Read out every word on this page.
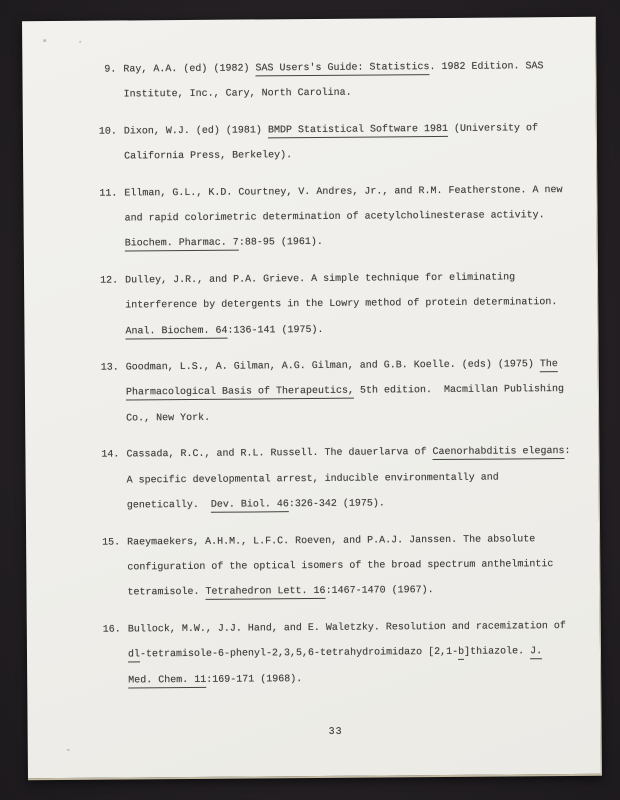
9. Ray, A.A. (ed) (1982) SAS Users's Guide: Statistics. 1982 Edition. SAS
Institute, Inc., Cary, North Carolina.
10. Dixon, W.J. (ed) (1981) BMDP Statistical Software 1981 (University of
California Press, Berkeley).
11. Ellman, G.L., K.D. Courtney, V. Andres, Jr., and R.M. Featherstone. A new
and rapid colorimetric determination of acetylcholinesterase activity.
Biochem. Pharmac. 7:88-95 (1961).
12. Dulley, J.R., and P.A. Grieve. A simple technique for eliminating
interference by detergents in the Lowry method of protein determination.
Anal. Biochem. 64:136-141 (1975).
13. Goodman, L.S., A. Gilman, A.G. Gilman, and G.B. Koelle. (eds) (1975) The
Pharmacological Basis of Therapeutics, 5th edition.  Macmillan Publishing
Co., New York.
14. Cassada, R.C., and R.L. Russell. The dauerlarva of Caenorhabditis elegans:
A specific developmental arrest, inducible environmentally and
genetically.  Dev. Biol. 46:326-342 (1975).
15. Raeymaekers, A.H.M., L.F.C. Roeven, and P.A.J. Janssen. The absolute
configuration of the optical isomers of the broad spectrum anthelmintic
tetramisole. Tetrahedron Lett. 16:1467-1470 (1967).
16. Bullock, M.W., J.J. Hand, and E. Waletzky. Resolution and racemization of
dl-tetramisole-6-phenyl-2,3,5,6-tetrahydroimidazo [2,1-b]thiazole. J.
Med. Chem. 11:169-171 (1968).
33
